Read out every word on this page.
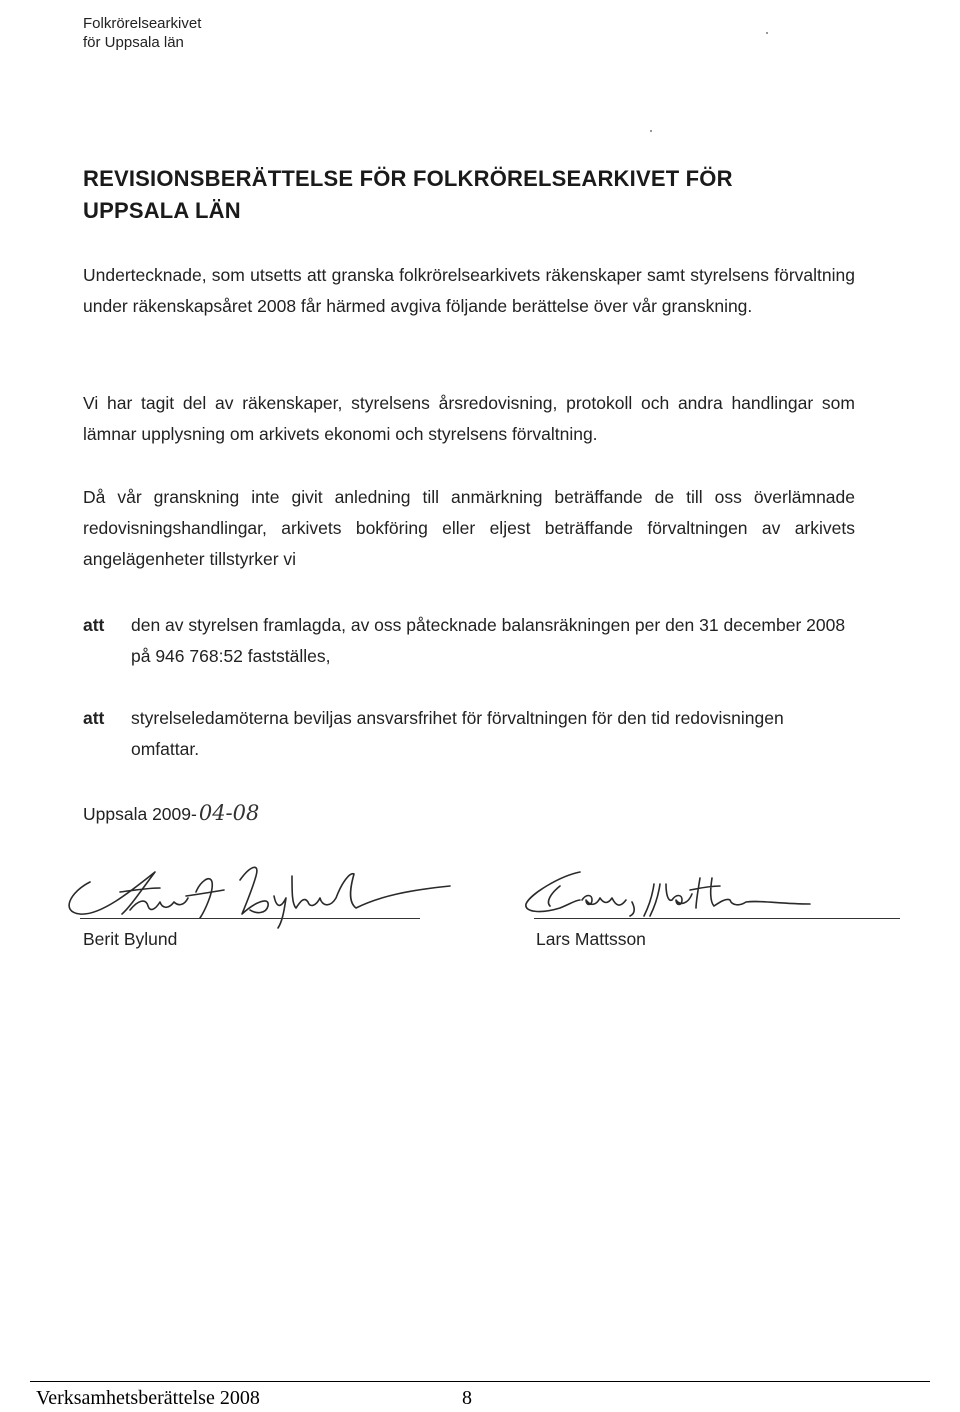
Folkrörelsearkivet
för Uppsala län
REVISIONSBERÄTTELSE FÖR FOLKRÖRELSEARKIVET FÖR UPPSALA LÄN
Undertecknade, som utsetts att granska folkrörelsearkivets räkenskaper samt styrelsens förvaltning under räkenskapsåret 2008 får härmed avgiva följande berättelse över vår granskning.
Vi har tagit del av räkenskaper, styrelsens årsredovisning, protokoll och andra handlingar som lämnar upplysning om arkivets ekonomi och styrelsens förvaltning.
Då vår granskning inte givit anledning till anmärkning beträffande de till oss överlämnade redovisningshandlingar, arkivets bokföring eller eljest beträffande förvaltningen av arkivets angelägenheter tillstyrker vi
att den av styrelsen framlagda, av oss påtecknade balansräkningen per den 31 december 2008 på 946 768:52 fastställes,
att styrelseledamöterna beviljas ansvarsfrihet för förvaltningen för den tid redovisningen omfattar.
Uppsala 2009-04-08
Berit Bylund	Lars Mattsson
Verksamhetsberättelse 2008	8
